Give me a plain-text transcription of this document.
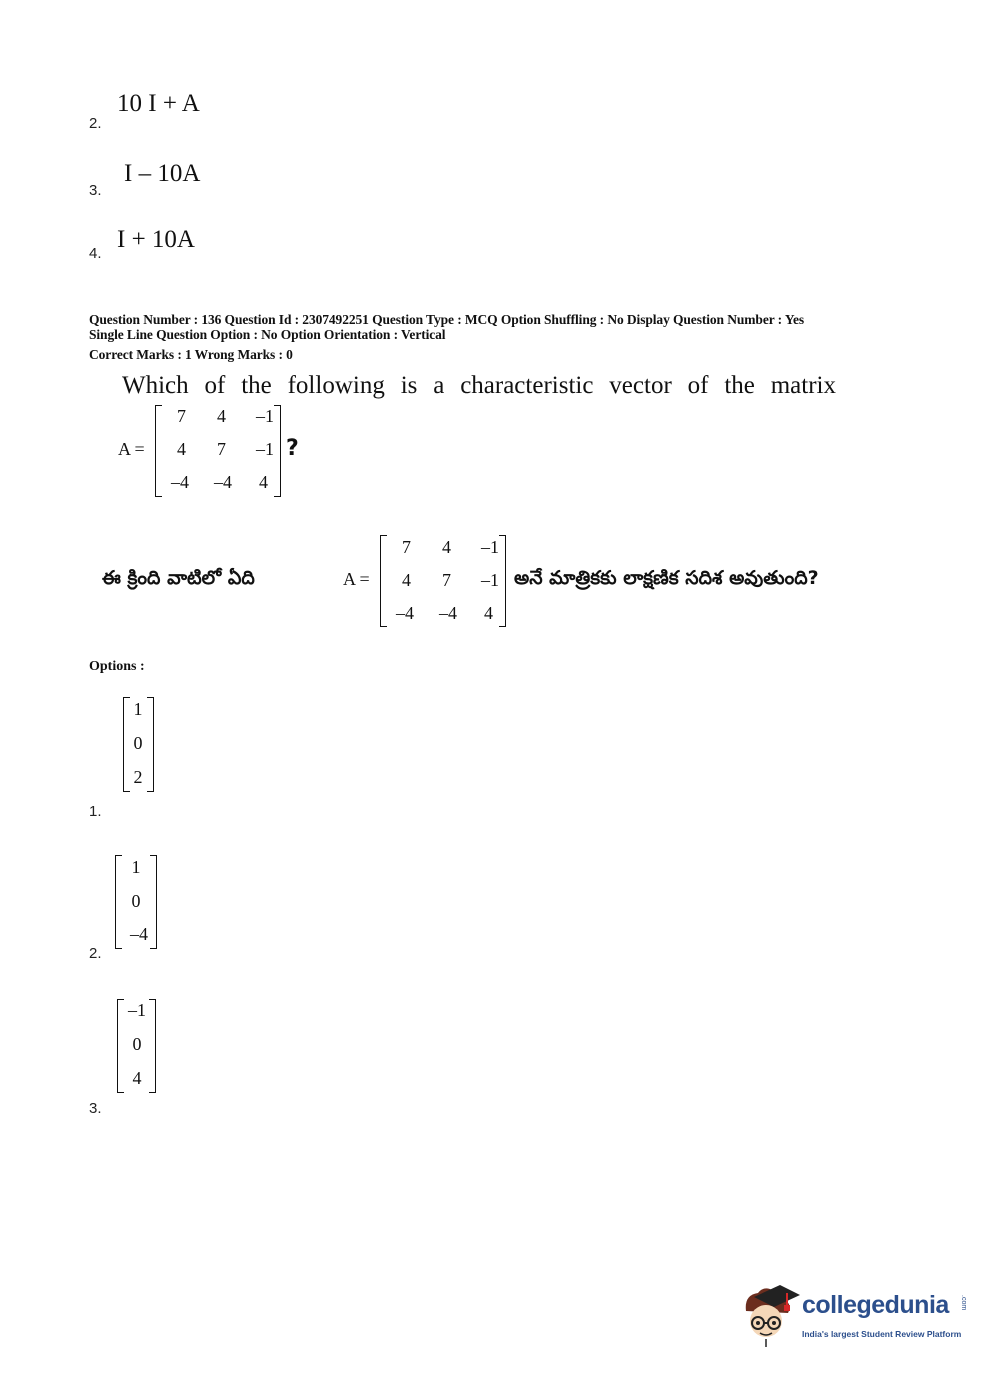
10 I + A
2.
I – 10A
3.
I + 10A
4.
Question Number : 136 Question Id : 2307492251 Question Type : MCQ Option Shuffling : No Display Question Number : Yes
Single Line Question Option : No Option Orientation : Vertical
Correct Marks : 1 Wrong Marks : 0
Which of the following is a characteristic vector of the matrix
A =
7	4	–1
4	7	–1
–4	–4	4
?
ఈ క్రింది వాటిలో ఏది	A =
7	4	–1
4	7	–1
–4	–4	4
అనే మాత్రికకు లాక్షణిక సదిశ అవుతుంది?
Options :
1
0
2
1.
1
0
–4
2.
–1
0
4
3.
collegedunia .com
India's largest Student Review Platform
